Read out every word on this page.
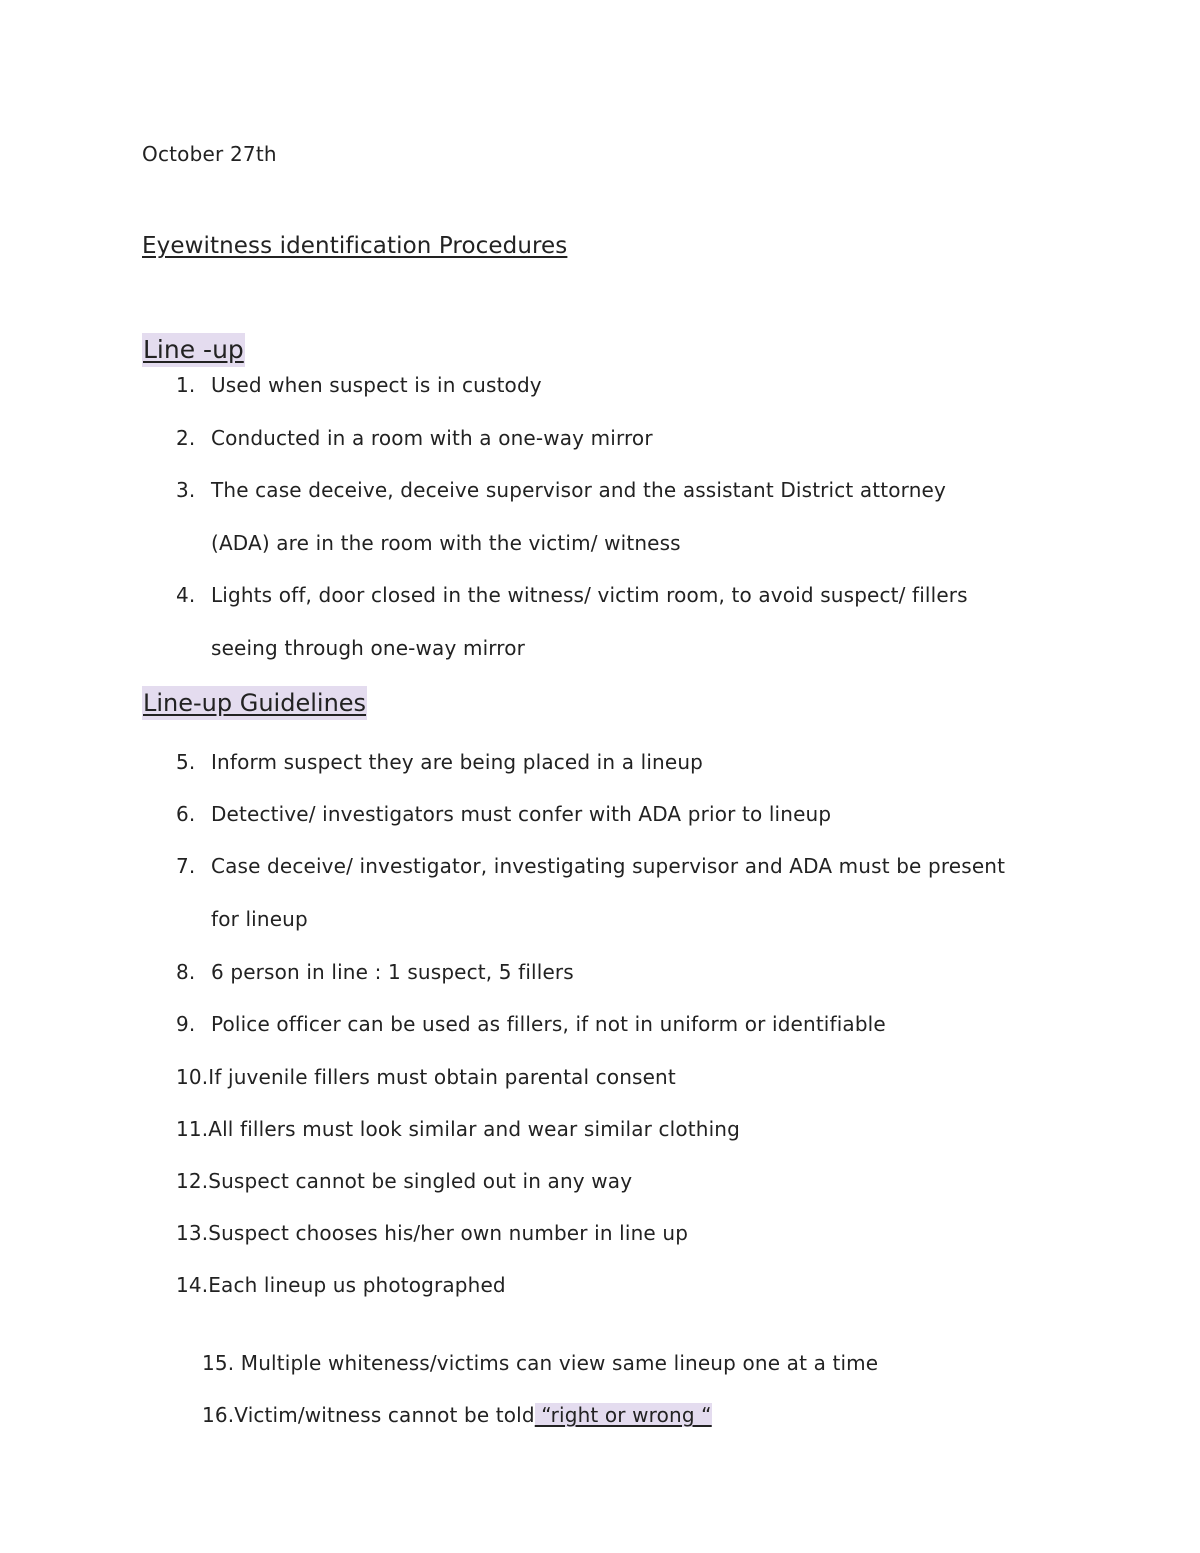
October 27th
Eyewitness identification Procedures
Line -up
1. Used when suspect is in custody
2. Conducted in a room with a one-way mirror
3. The case deceive, deceive supervisor and the assistant District attorney
(ADA) are in the room with the victim/ witness
4. Lights off, door closed in the witness/ victim room, to avoid suspect/ fillers
seeing through one-way mirror
Line-up Guidelines
5. Inform suspect they are being placed in a lineup
6. Detective/ investigators must confer with ADA prior to lineup
7. Case deceive/ investigator, investigating supervisor and ADA must be present
for lineup
8. 6 person in line : 1 suspect, 5 fillers
9. Police officer can be used as fillers, if not in uniform or identifiable
10.If juvenile fillers must obtain parental consent
11.All fillers must look similar and wear similar clothing
12.Suspect cannot be singled out in any way
13.Suspect chooses his/her own number in line up
14.Each lineup us photographed

15. Multiple whiteness/victims can view same lineup one at a time

16.Victim/witness cannot be told “right or wrong “
